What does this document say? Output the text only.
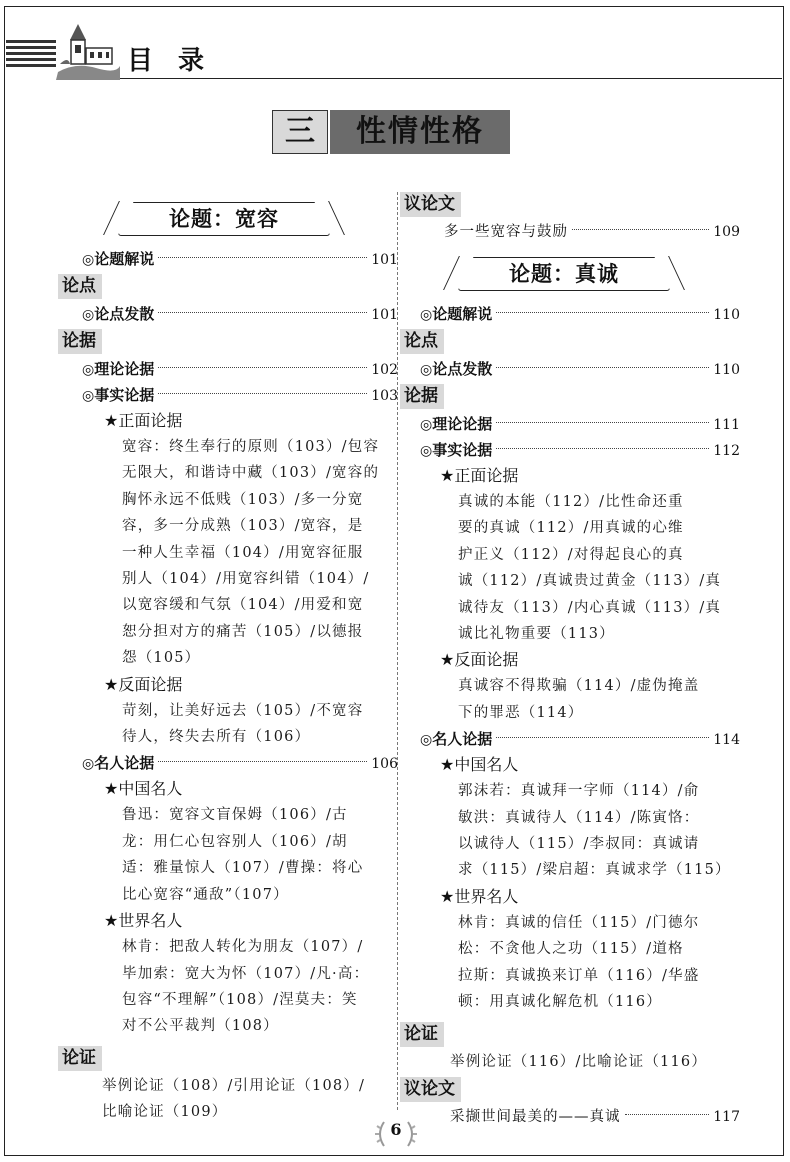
目 录
三	性情性格
论题：宽容
◎ 论题解说	101
论点
◎ 论点发散	101
论据
◎ 理论论据	102
◎ 事实论据	103
★正面论据
宽容：终生奉行的原则（103）/包容
无限大，和谐诗中藏（103）/宽容的
胸怀永远不低贱（103）/多一分宽
容，多一分成熟（103）/宽容，是
一种人生幸福（104）/用宽容征服
别人（104）/用宽容纠错（104）/
以宽容缓和气氛（104）/用爱和宽
恕分担对方的痛苦（105）/以德报
怨（105）
★反面论据
苛刻，让美好远去（105）/不宽容
待人，终失去所有（106）
◎ 名人论据	106
★中国名人
鲁迅：宽容文盲保姆（106）/古
龙：用仁心包容别人（106）/胡
适：雅量惊人（107）/曹操：将心
比心宽容“通敌”（107）
★世界名人
林肯：把敌人转化为朋友（107）/
毕加索：宽大为怀（107）/凡·高：
包容“不理解”（108）/涅莫夫：笑
对不公平裁判（108）
论证
举例论证（108）/引用论证（108）/
比喻论证（109）
议论文
多一些宽容与鼓励	109
论题：真诚
◎ 论题解说	110
论点
◎ 论点发散	110
论据
◎ 理论论据	111
◎ 事实论据	112
★正面论据
真诚的本能（112）/比性命还重
要的真诚（112）/用真诚的心维
护正义（112）/对得起良心的真
诚（112）/真诚贵过黄金（113）/真
诚待友（113）/内心真诚（113）/真
诚比礼物重要（113）
★反面论据
真诚容不得欺骗（114）/虚伪掩盖
下的罪恶（114）
◎ 名人论据	114
★中国名人
郭沫若：真诚拜一字师（114）/俞
敏洪：真诚待人（114）/陈寅恪：
以诚待人（115）/李叔同：真诚请
求（115）/梁启超：真诚求学（115）
★世界名人
林肯：真诚的信任（115）/门德尔
松：不贪他人之功（115）/道格
拉斯：真诚换来订单（116）/华盛
顿：用真诚化解危机（116）
论证
举例论证（116）/比喻论证（116）
议论文
采撷世间最美的——真诚	117
6
